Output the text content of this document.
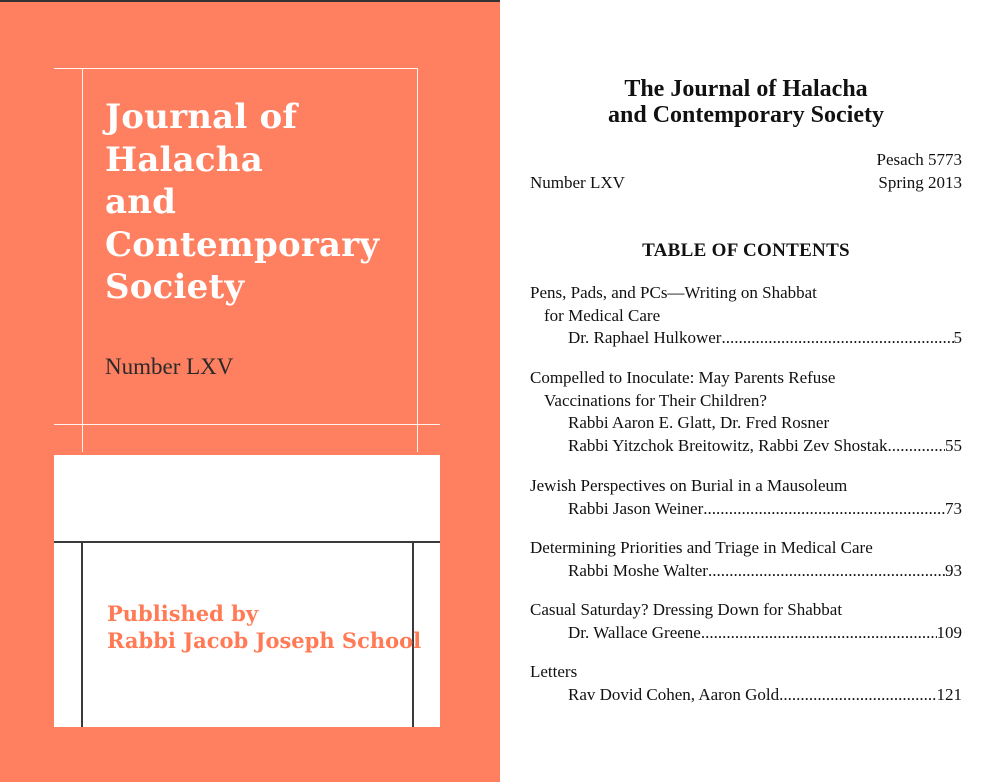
Journal of
Halacha
and
Contemporary
Society
Number LXV
Published by
Rabbi Jacob Joseph School
The Journal of Halacha
and Contemporary Society
Pesach 5773
Number LXV	Spring 2013
TABLE OF CONTENTS
Pens, Pads, and PCs—Writing on Shabbat
for Medical Care
Dr. Raphael Hulkower .....	5
Compelled to Inoculate: May Parents Refuse
Vaccinations for Their Children?
Rabbi Aaron E. Glatt, Dr. Fred Rosner
Rabbi Yitzchok Breitowitz, Rabbi Zev Shostak .....	55
Jewish Perspectives on Burial in a Mausoleum
Rabbi Jason Weiner .....	73
Determining Priorities and Triage in Medical Care
Rabbi Moshe Walter .....	93
Casual Saturday? Dressing Down for Shabbat
Dr. Wallace Greene .....	109
Letters
Rav Dovid Cohen, Aaron Gold .....	121
